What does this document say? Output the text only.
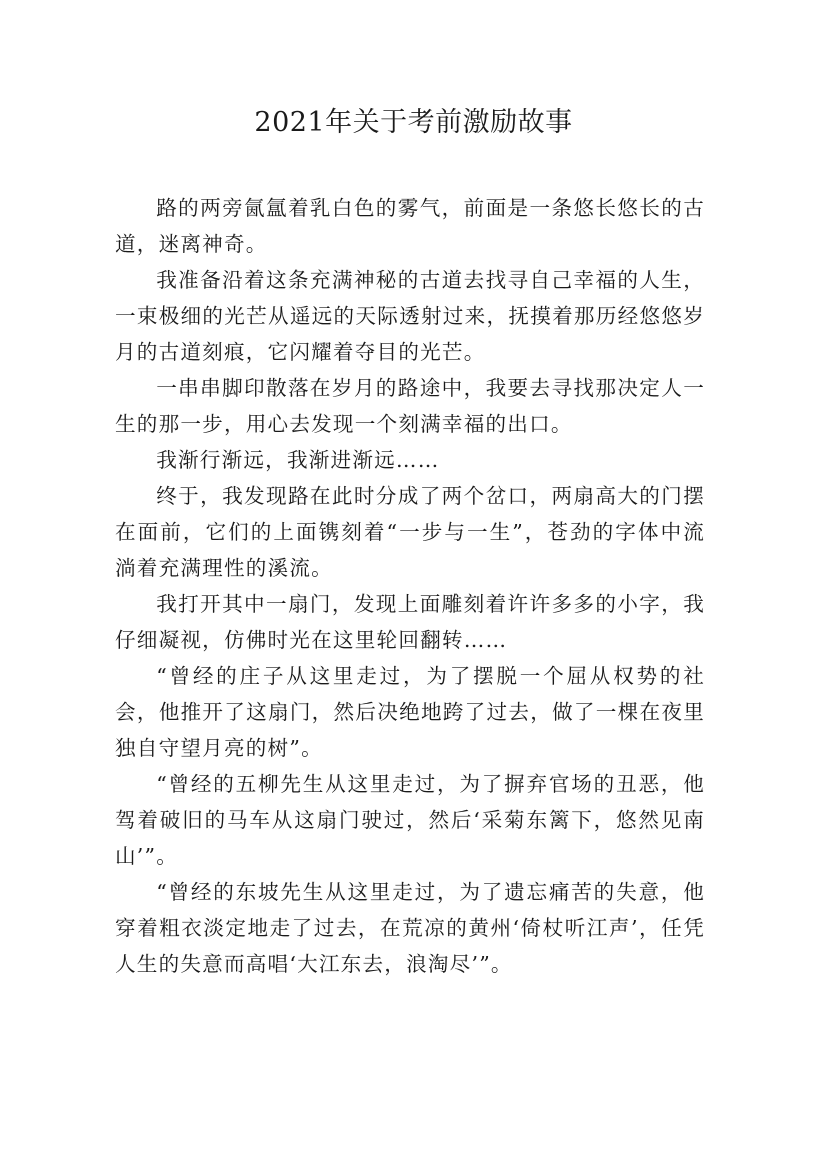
2021年关于考前激励故事

路的两旁氤氲着乳白色的雾气，前面是一条悠长悠长的古道，迷离神奇。

我准备沿着这条充满神秘的古道去找寻自己幸福的人生，一束极细的光芒从遥远的天际透射过来，抚摸着那历经悠悠岁月的古道刻痕，它闪耀着夺目的光芒。

一串串脚印散落在岁月的路途中，我要去寻找那决定人一生的那一步，用心去发现一个刻满幸福的出口。

我渐行渐远，我渐进渐远……

终于，我发现路在此时分成了两个岔口，两扇高大的门摆在面前，它们的上面镌刻着“一步与一生”，苍劲的字体中流淌着充满理性的溪流。

我打开其中一扇门，发现上面雕刻着许许多多的小字，我仔细凝视，仿佛时光在这里轮回翻转……

“曾经的庄子从这里走过，为了摆脱一个屈从权势的社会，他推开了这扇门，然后决绝地跨了过去，做了一棵在夜里独自守望月亮的树”。

“曾经的五柳先生从这里走过，为了摒弃官场的丑恶，他驾着破旧的马车从这扇门驶过，然后‘采菊东篱下，悠然见南山’”。

“曾经的东坡先生从这里走过，为了遗忘痛苦的失意，他穿着粗衣淡定地走了过去，在荒凉的黄州‘倚杖听江声’，任凭人生的失意而高唱‘大江东去，浪淘尽’”。
